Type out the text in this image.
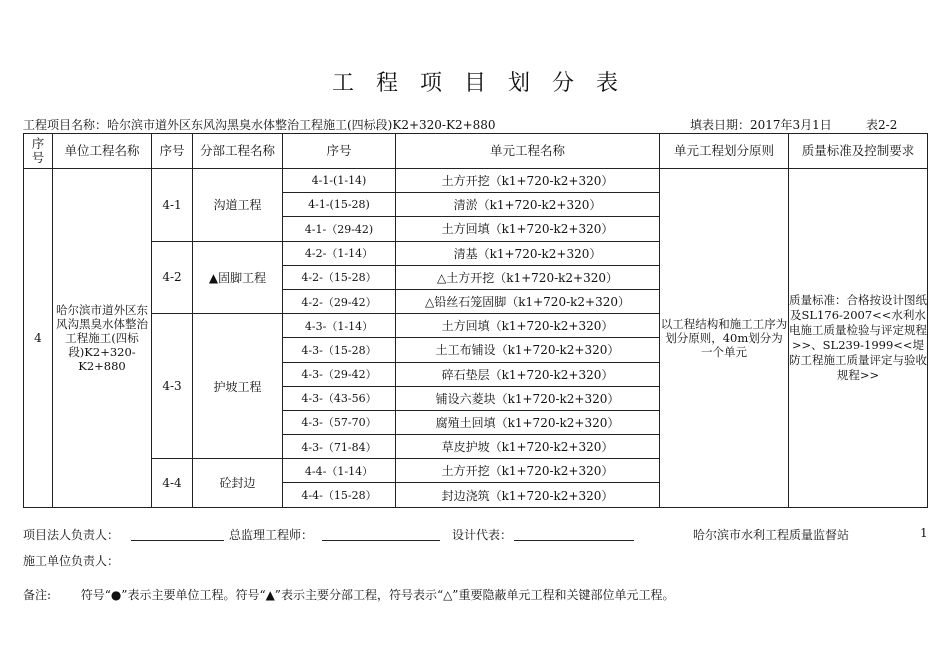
工程项目划分表
工程项目名称：哈尔滨市道外区东风沟黑臭水体整治工程施工(四标段)K2+320-K2+880	填表日期：2017年3月1日	表2-2
序号	单位工程名称	序号	分部工程名称	序号	单元工程名称	单元工程划分原则	质量标准及控制要求
4	哈尔滨市道外区东风沟黑臭水体整治工程施工(四标段)K2+320-K2+880	4-1	沟道工程	4-1-(1-14)	土方开挖（k1+720-k2+320）	以工程结构和施工工序为划分原则，40m划分为一个单元	质量标准：合格按设计图纸及SL176-2007<<水利水电施工质量检验与评定规程>>、SL239-1999<<堤防工程施工质量评定与验收规程>>
				4-1-(15-28)	清淤（k1+720-k2+320）		
				4-1-（29-42)	土方回填（k1+720-k2+320）		
		4-2	▲固脚工程	4-2-（1-14）	清基（k1+720-k2+320）		
				4-2-（15-28）	△土方开挖（k1+720-k2+320）		
				4-2-（29-42）	△铅丝石笼固脚（k1+720-k2+320）		
		4-3	护坡工程	4-3-（1-14）	土方回填（k1+720-k2+320）		
				4-3-（15-28）	土工布铺设（k1+720-k2+320）		
				4-3-（29-42）	碎石垫层（k1+720-k2+320）		
				4-3-（43-56）	铺设六菱块（k1+720-k2+320）		
				4-3-（57-70）	腐殖土回填（k1+720-k2+320）		
				4-3-（71-84）	草皮护坡（k1+720-k2+320）		
		4-4	砼封边	4-4-（1-14）	土方开挖（k1+720-k2+320）		
				4-4-（15-28）	封边浇筑（k1+720-k2+320）		
项目法人负责人：	总监理工程师：	设计代表：	哈尔滨市水利工程质量监督站	1
施工单位负责人：
备注: 符号“●”表示主要单位工程。符号“▲”表示主要分部工程，符号表示“△”重要隐蔽单元工程和关键部位单元工程。
